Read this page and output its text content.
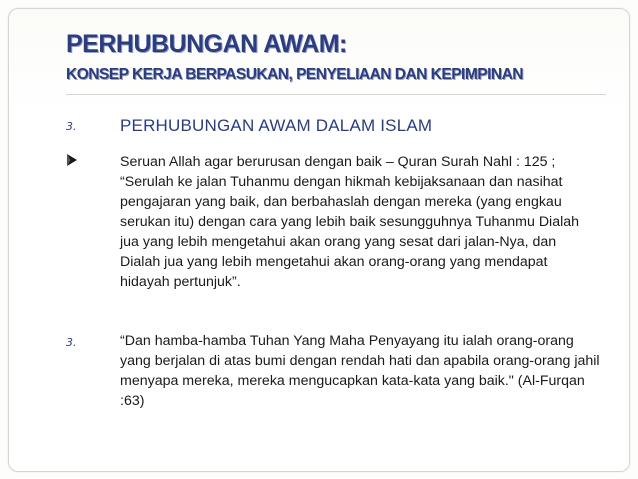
PERHUBUNGAN AWAM:
KONSEP KERJA BERPASUKAN, PENYELIAAN DAN KEPIMPINAN
3.	PERHUBUNGAN AWAM DALAM ISLAM
Seruan Allah agar berurusan dengan baik – Quran Surah Nahl : 125 ; “Serulah ke jalan Tuhanmu dengan hikmah kebijaksanaan dan nasihat pengajaran yang baik, dan berbahaslah dengan mereka (yang engkau serukan itu) dengan cara yang lebih baik sesungguhnya Tuhanmu Dialah jua yang lebih mengetahui akan orang yang sesat dari jalan-Nya, dan Dialah jua yang lebih mengetahui akan orang-orang yang mendapat hidayah pertunjuk”.
3.	“Dan hamba-hamba Tuhan Yang Maha Penyayang itu ialah orang-orang yang berjalan di atas bumi dengan rendah hati dan apabila orang-orang jahil menyapa mereka, mereka mengucapkan kata-kata yang baik." (Al-Furqan :63)
